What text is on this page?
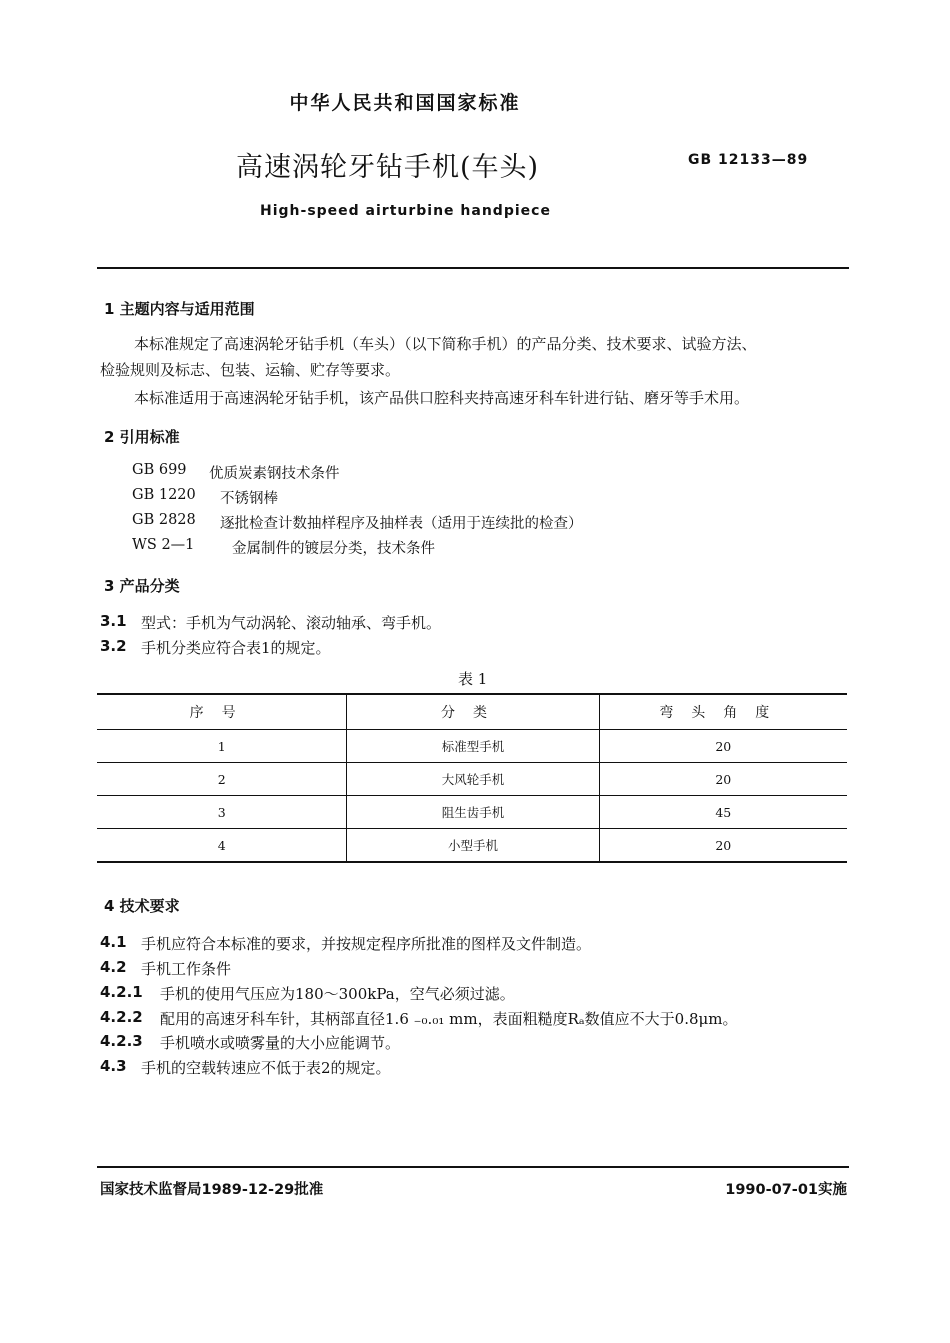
中华人民共和国国家标准
高速涡轮牙钻手机(车头)	GB 12133—89
High-speed airturbine handpiece
1 主题内容与适用范围
本标准规定了高速涡轮牙钻手机（车头）（以下简称手机）的产品分类、技术要求、试验方法、
检验规则及标志、包装、运输、贮存等要求。
本标准适用于高速涡轮牙钻手机，该产品供口腔科夹持高速牙科车针进行钻、磨牙等手术用。
2 引用标准
GB 699 优质炭素钢技术条件
GB 1220 不锈钢棒
GB 2828 逐批检查计数抽样程序及抽样表（适用于连续批的检查）
WS 2—1	金属制件的镀层分类，技术条件
3 产品分类
3.1 型式：手机为气动涡轮、滚动轴承、弯手机。
3.2 手机分类应符合表1的规定。
表 1
序号	分类	弯头角度
1	标准型手机	20
2	大风轮手机	20
3	阻生齿手机	45
4	小型手机	20
4 技术要求
4.1 手机应符合本标准的要求，并按规定程序所批准的图样及文件制造。
4.2 手机工作条件
4.2.1 手机的使用气压应为180～300kPa，空气必须过滤。
4.2.2 配用的高速牙科车针，其柄部直径1.6 ₋₀.₀₁ mm，表面粗糙度Rₐ数值应不大于0.8μm。
4.2.3 手机喷水或喷雾量的大小应能调节。
4.3 手机的空载转速应不低于表2的规定。
国家技术监督局1989-12-29批准	1990-07-01实施
